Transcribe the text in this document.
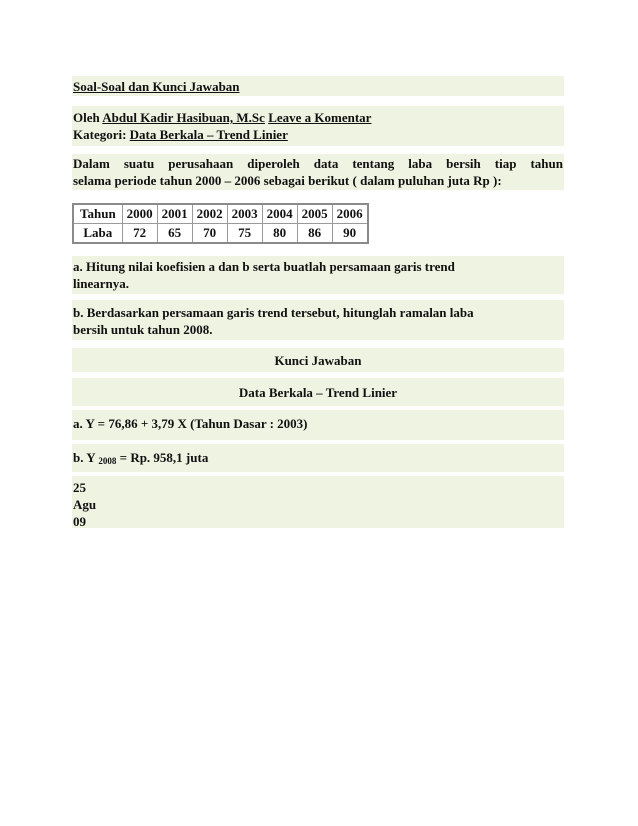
Soal-Soal dan Kunci Jawaban
Oleh Abdul Kadir Hasibuan, M.Sc Leave a Komentar
Kategori: Data Berkala – Trend Linier
Dalam suatu perusahaan diperoleh data tentang laba bersih tiap tahun
selama periode tahun 2000 – 2006 sebagai berikut ( dalam puluhan juta Rp ):
Tahun	2000	2001	2002	2003	2004	2005	2006
Laba	72	65	70	75	80	86	90
a. Hitung nilai koefisien a dan b serta buatlah persamaan garis trend
linearnya.
b. Berdasarkan persamaan garis trend tersebut, hitunglah ramalan laba
bersih untuk tahun 2008.
Kunci Jawaban
Data Berkala – Trend Linier
a. Y = 76,86 + 3,79 X (Tahun Dasar : 2003)
b. Y $_{2008}$ = Rp. 958,1 juta
25
Agu
09
